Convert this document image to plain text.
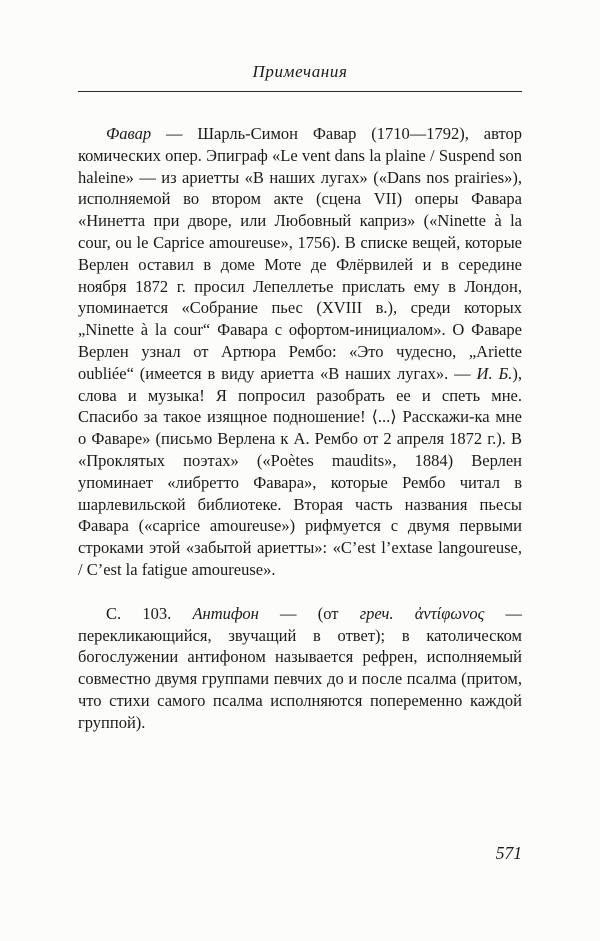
Примечания

Фавар — Шарль-Симон Фавар (1710—1792), автор комических опер. Эпиграф «Le vent dans la plaine / Suspend son haleine» — из ариетты «В наших лугах» («Dans nos prairies»), исполняемой во втором акте (сцена VII) оперы Фавара «Нинетта при дворе, или Любовный каприз» («Ninette à la cour, ou le Caprice amoureuse», 1756). В списке вещей, которые Верлен оставил в доме Моте де Флёрвилей и в середине ноября 1872 г. просил Лепеллетье прислать ему в Лондон, упоминается «Собрание пьес (XVIII в.), среди которых „Ninette à la cour“ Фавара с офортом-инициалом». О Фаваре Верлен узнал от Артюра Рембо: «Это чудесно, „Ariette oubliée“ (имеется в виду ариетта «В наших лугах». — И. Б.), слова и музыка! Я попросил разобрать ее и спеть мне. Спасибо за такое изящное подношение! ⟨...⟩ Расскажи-ка мне о Фаваре» (письмо Верлена к А. Рембо от 2 апреля 1872 г.). В «Проклятых поэтах» («Poètes maudits», 1884) Верлен упоминает «либретто Фавара», которые Рембо читал в шарлевильской библиотеке. Вторая часть названия пьесы Фавара («caprice amoureuse») рифмуется с двумя первыми строками этой «забытой ариетты»: «C’est l’extase langoureuse, / C’est la fatigue amoureuse».

С. 103. Антифон — (от греч. ἀντίφωνος — перекликающийся, звучащий в ответ); в католическом богослужении антифоном называется рефрен, исполняемый совместно двумя группами певчих до и после псалма (притом, что стихи самого псалма исполняются попеременно каждой группой).

571
